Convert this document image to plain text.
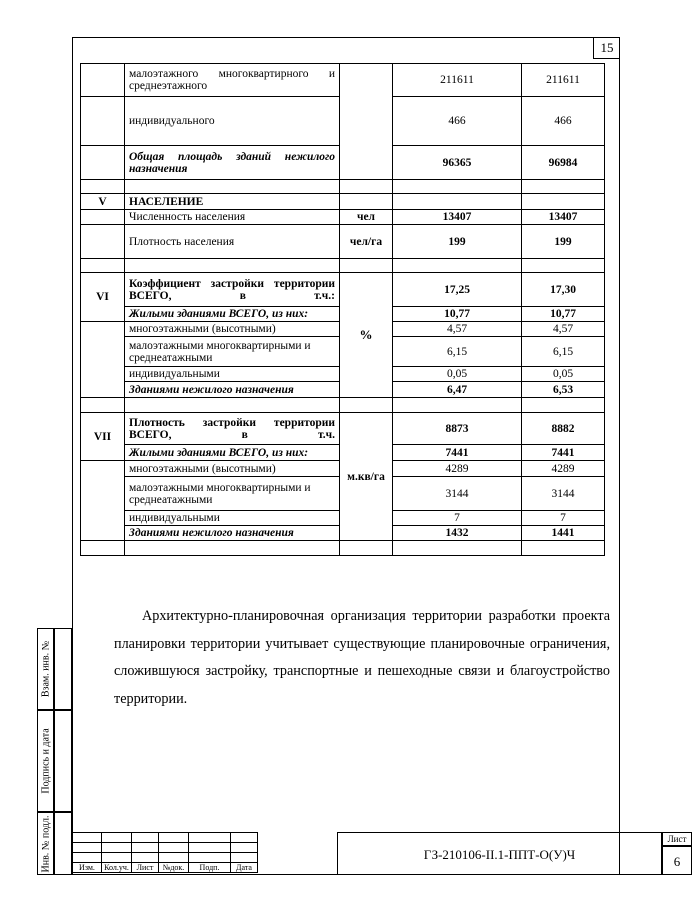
15
	малоэтажного многоквартирного и среднеэтажного		211611	211611
	индивидуального		466	466
	Общая площадь зданий нежилого назначения		96365	96984

V	НАСЕЛЕНИЕ			
	Численность населения	чел	13407	13407
	Плотность населения	чел/га	199	199

VI	Коэффициент застройки территории ВСЕГО, в т.ч.:	%	17,25	17,30
	Жилыми зданиями ВСЕГО, из них:		10,77	10,77
	многоэтажными (высотными)		4,57	4,57
	малоэтажными многоквартирными и среднеатажными		6,15	6,15
	индивидуальными		0,05	0,05
	Зданиями нежилого назначения		6,47	6,53

VII	Плотность застройки территории ВСЕГО, в т.ч.	м.кв/га	8873	8882
	Жилыми зданиями ВСЕГО, из них:		7441	7441
	многоэтажными (высотными)		4289	4289
	малоэтажными многоквартирными и среднеатажными		3144	3144
	индивидуальными		7	7
	Зданиями нежилого назначения		1432	1441

Архитектурно-планировочная организация территории разработки проекта планировки территории учитывает существующие планировочные ограничения, сложившуюся застройку, транспортные и пешеходные связи и благоустройство территории.
Взам. инв. №
Подпись и дата
Инв. № подл.

						Изм.	Кол.уч.	Лист	№док.	Подп.	Дата
ГЗ-210106-II.1-ППТ-О(У)Ч
Лист
6
